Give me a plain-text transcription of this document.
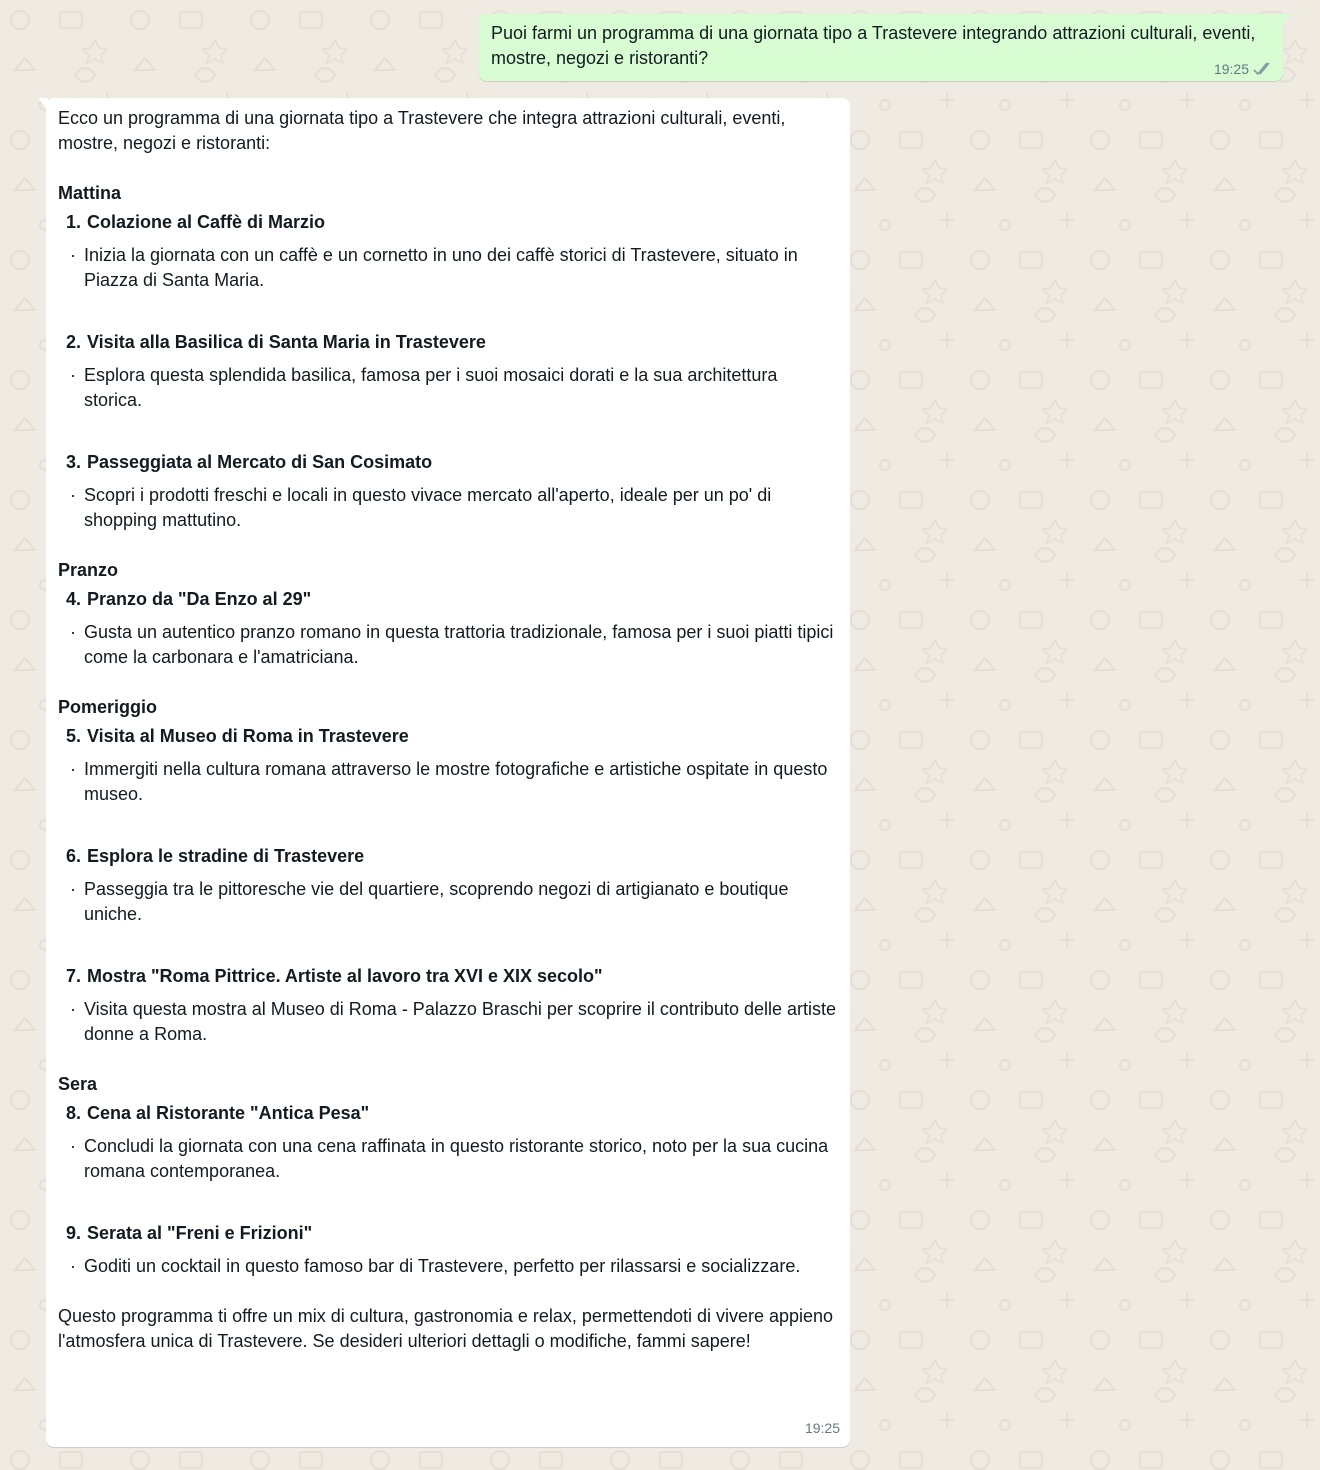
Puoi farmi un programma di una giornata tipo a Trastevere integrando attrazioni culturali, eventi, mostre, negozi e ristoranti?
19:25
Ecco un programma di una giornata tipo a Trastevere che integra attrazioni culturali, eventi, mostre, negozi e ristoranti:
Mattina
1. Colazione al Caffè di Marzio
· Inizia la giornata con un caffè e un cornetto in uno dei caffè storici di Trastevere, situato in Piazza di Santa Maria.
2. Visita alla Basilica di Santa Maria in Trastevere
· Esplora questa splendida basilica, famosa per i suoi mosaici dorati e la sua architettura storica.
3. Passeggiata al Mercato di San Cosimato
· Scopri i prodotti freschi e locali in questo vivace mercato all'aperto, ideale per un po' di shopping mattutino.
Pranzo
4. Pranzo da "Da Enzo al 29"
· Gusta un autentico pranzo romano in questa trattoria tradizionale, famosa per i suoi piatti tipici come la carbonara e l'amatriciana.
Pomeriggio
5. Visita al Museo di Roma in Trastevere
· Immergiti nella cultura romana attraverso le mostre fotografiche e artistiche ospitate in questo museo.
6. Esplora le stradine di Trastevere
· Passeggia tra le pittoresche vie del quartiere, scoprendo negozi di artigianato e boutique uniche.
7. Mostra "Roma Pittrice. Artiste al lavoro tra XVI e XIX secolo"
· Visita questa mostra al Museo di Roma - Palazzo Braschi per scoprire il contributo delle artiste donne a Roma.
Sera
8. Cena al Ristorante "Antica Pesa"
· Concludi la giornata con una cena raffinata in questo ristorante storico, noto per la sua cucina romana contemporanea.
9. Serata al "Freni e Frizioni"
· Goditi un cocktail in questo famoso bar di Trastevere, perfetto per rilassarsi e socializzare.
Questo programma ti offre un mix di cultura, gastronomia e relax, permettendoti di vivere appieno l'atmosfera unica di Trastevere. Se desideri ulteriori dettagli o modifiche, fammi sapere!
19:25
